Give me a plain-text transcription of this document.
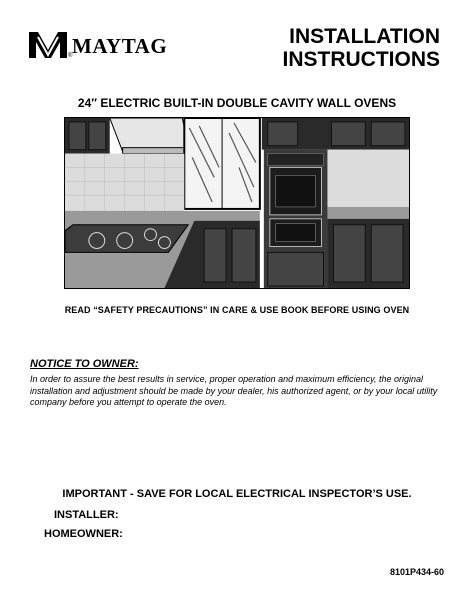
MAYTAG
®
INSTALLATION
INSTRUCTIONS
24″ ELECTRIC BUILT-IN DOUBLE CAVITY WALL OVENS
READ “SAFETY PRECAUTIONS” IN CARE & USE BOOK BEFORE USING OVEN
NOTICE TO OWNER:
In order to assure the best results in service, proper operation and maximum efficiency, the original installation and adjustment should be made by your dealer, his authorized agent, or by your local utility company before you attempt to operate the oven.
IMPORTANT - SAVE FOR LOCAL ELECTRICAL INSPECTOR’S USE.
INSTALLER:
HOMEOWNER:
8101P434-60
